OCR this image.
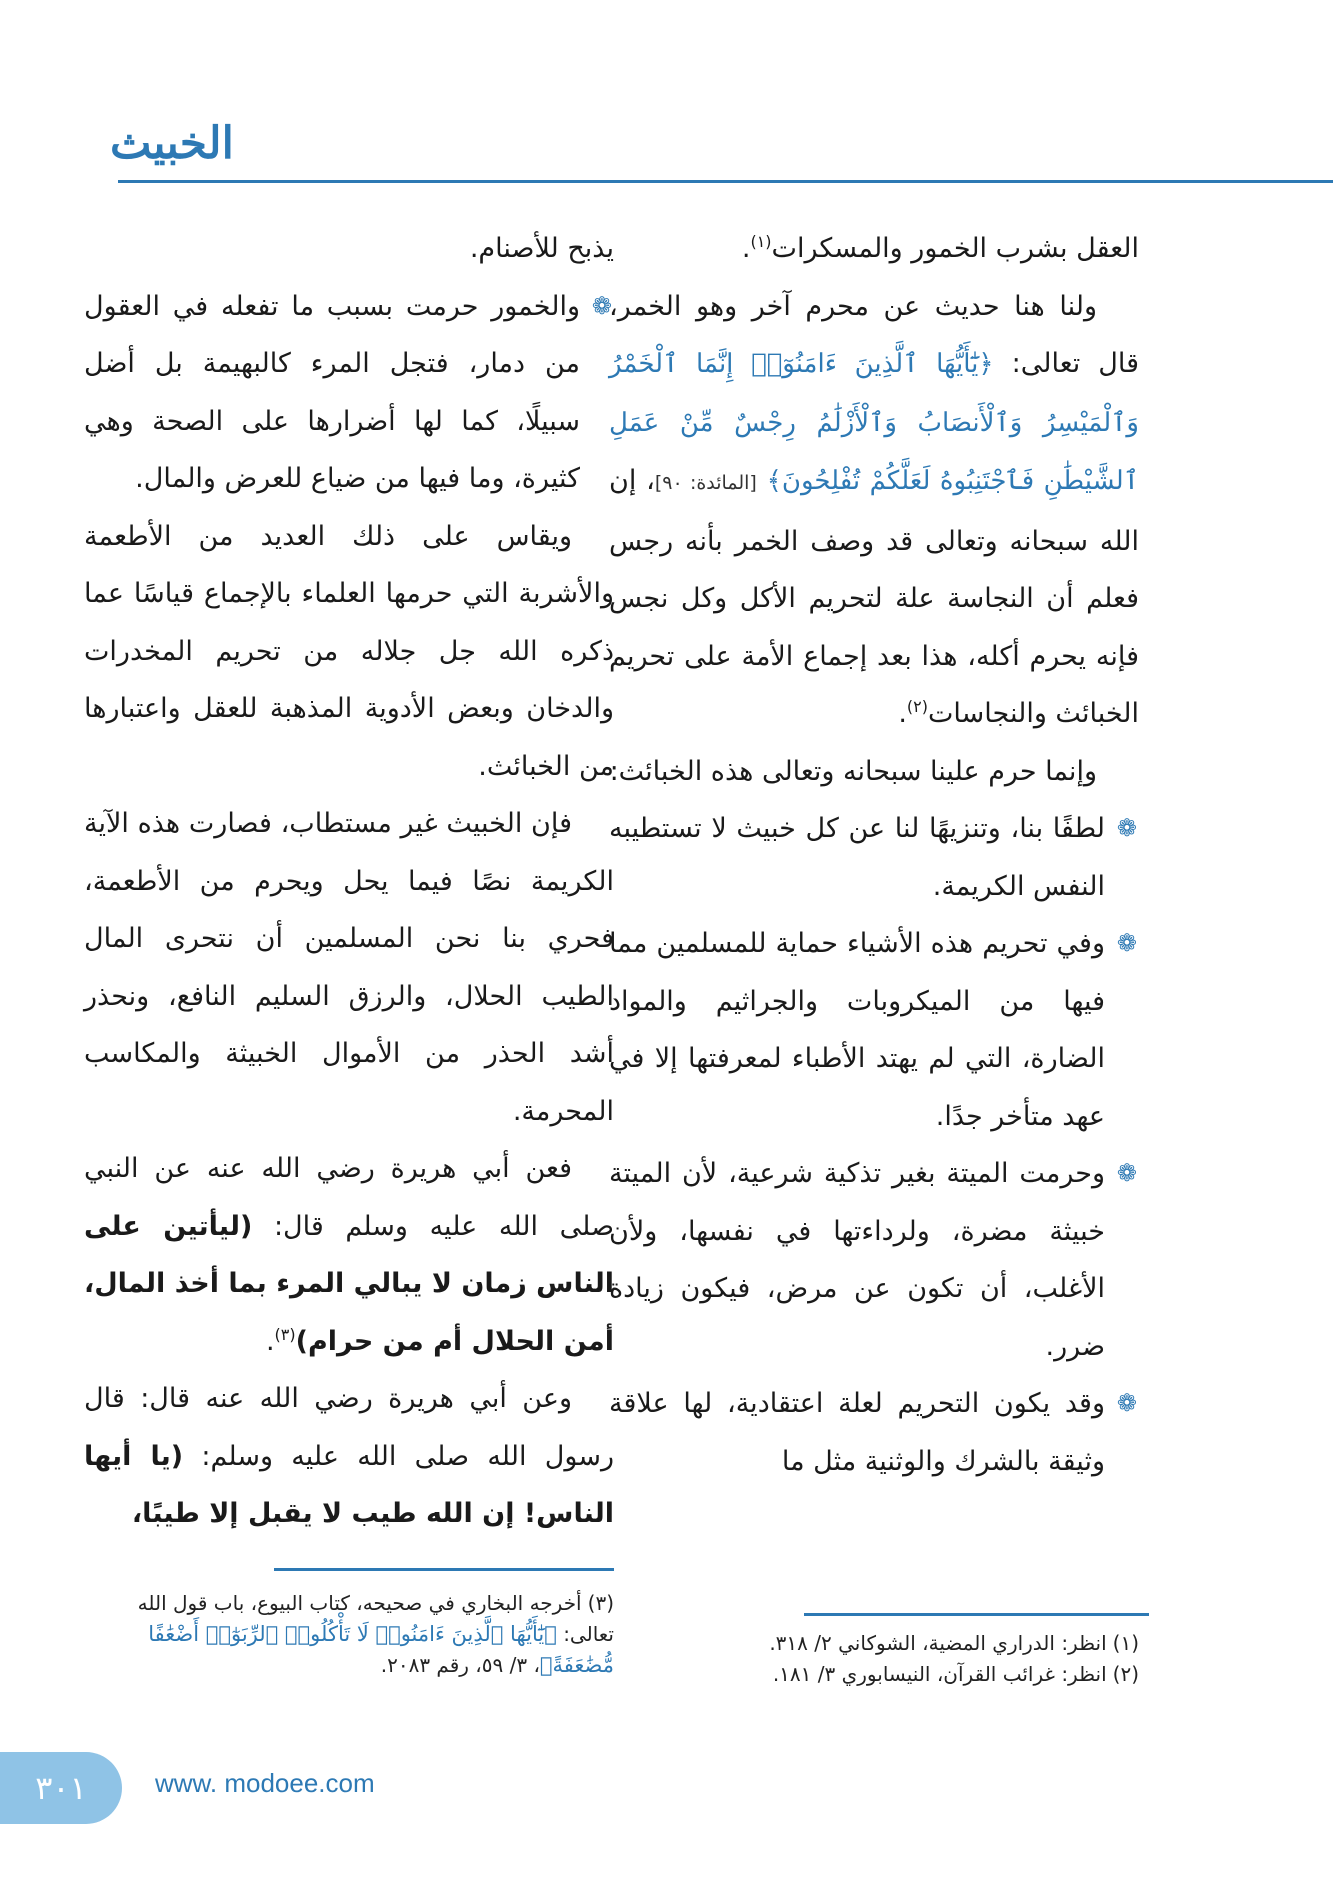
الخبيث

العقل بشرب الخمور والمسكرات$^{(١)}$.

ولنا هنا حديث عن محرم آخر وهو الخمر، قال تعالى: ﴿يَٰٓأَيُّهَا ٱلَّذِينَ ءَامَنُوٓا۟ إِنَّمَا ٱلْخَمْرُ وَٱلْمَيْسِرُ وَٱلْأَنصَابُ وَٱلْأَزْلَٰمُ رِجْسٌ مِّنْ عَمَلِ ٱلشَّيْطَٰنِ فَٱجْتَنِبُوهُ لَعَلَّكُمْ تُفْلِحُونَ﴾ [المائدة: ٩٠]، إن الله سبحانه وتعالى قد وصف الخمر بأنه رجس فعلم أن النجاسة علة لتحريم الأكل وكل نجس فإنه يحرم أكله، هذا بعد إجماع الأمة على تحريم الخبائث والنجاسات$^{(٢)}$.

وإنما حرم علينا سبحانه وتعالى هذه الخبائث:

❁
لطفًا بنا، وتنزيهًا لنا عن كل خبيث لا تستطيبه النفس الكريمة.

❁
وفي تحريم هذه الأشياء حماية للمسلمين مما فيها من الميكروبات والجراثيم والمواد الضارة، التي لم يهتد الأطباء لمعرفتها إلا في عهد متأخر جدًا.

❁
وحرمت الميتة بغير تذكية شرعية، لأن الميتة خبيثة مضرة، ولرداءتها في نفسها، ولأن الأغلب، أن تكون عن مرض، فيكون زيادة ضرر.

❁
وقد يكون التحريم لعلة اعتقادية، لها علاقة وثيقة بالشرك والوثنية مثل ما

يذبح للأصنام.

❁
والخمور حرمت بسبب ما تفعله في العقول من دمار، فتجل المرء كالبهيمة بل أضل سبيلًا، كما لها أضرارها على الصحة وهي كثيرة، وما فيها من ضياع للعرض والمال.

ويقاس على ذلك العديد من الأطعمة والأشربة التي حرمها العلماء بالإجماع قياسًا عما ذكره الله جل جلاله من تحريم المخدرات والدخان وبعض الأدوية المذهبة للعقل واعتبارها من الخبائث.

فإن الخبيث غير مستطاب، فصارت هذه الآية الكريمة نصًا فيما يحل ويحرم من الأطعمة، فحري بنا نحن المسلمين أن نتحرى المال الطيب الحلال، والرزق السليم النافع، ونحذر أشد الحذر من الأموال الخبيثة والمكاسب المحرمة.

فعن أبي هريرة رضي الله عنه عن النبي صلى الله عليه وسلم قال: (ليأتين على الناس زمان لا يبالي المرء بما أخذ المال، أمن الحلال أم من حرام)$^{(٣)}$.

وعن أبي هريرة رضي الله عنه قال: قال رسول الله صلى الله عليه وسلم: (يا أيها الناس! إن الله طيب لا يقبل إلا طيبًا،

(١)انظر: الدراري المضية، الشوكاني ٢/ ٣١٨.
(٢)انظر: غرائب القرآن، النيسابوري ٣/ ١٨١.
(٣)أخرجه البخاري في صحيحه، كتاب البيوع، باب قول الله تعالى: ﴿يَٰٓأَيُّهَا ٱلَّذِينَ ءَامَنُوا۟ لَا تَأْكُلُوا۟ ٱلرِّبَوٰٓا۟ أَضْعَٰفًا مُّضَٰعَفَةً﴾، ٣/ ٥٩، رقم ٢٠٨٣.
٣٠١	www. modoee.com
